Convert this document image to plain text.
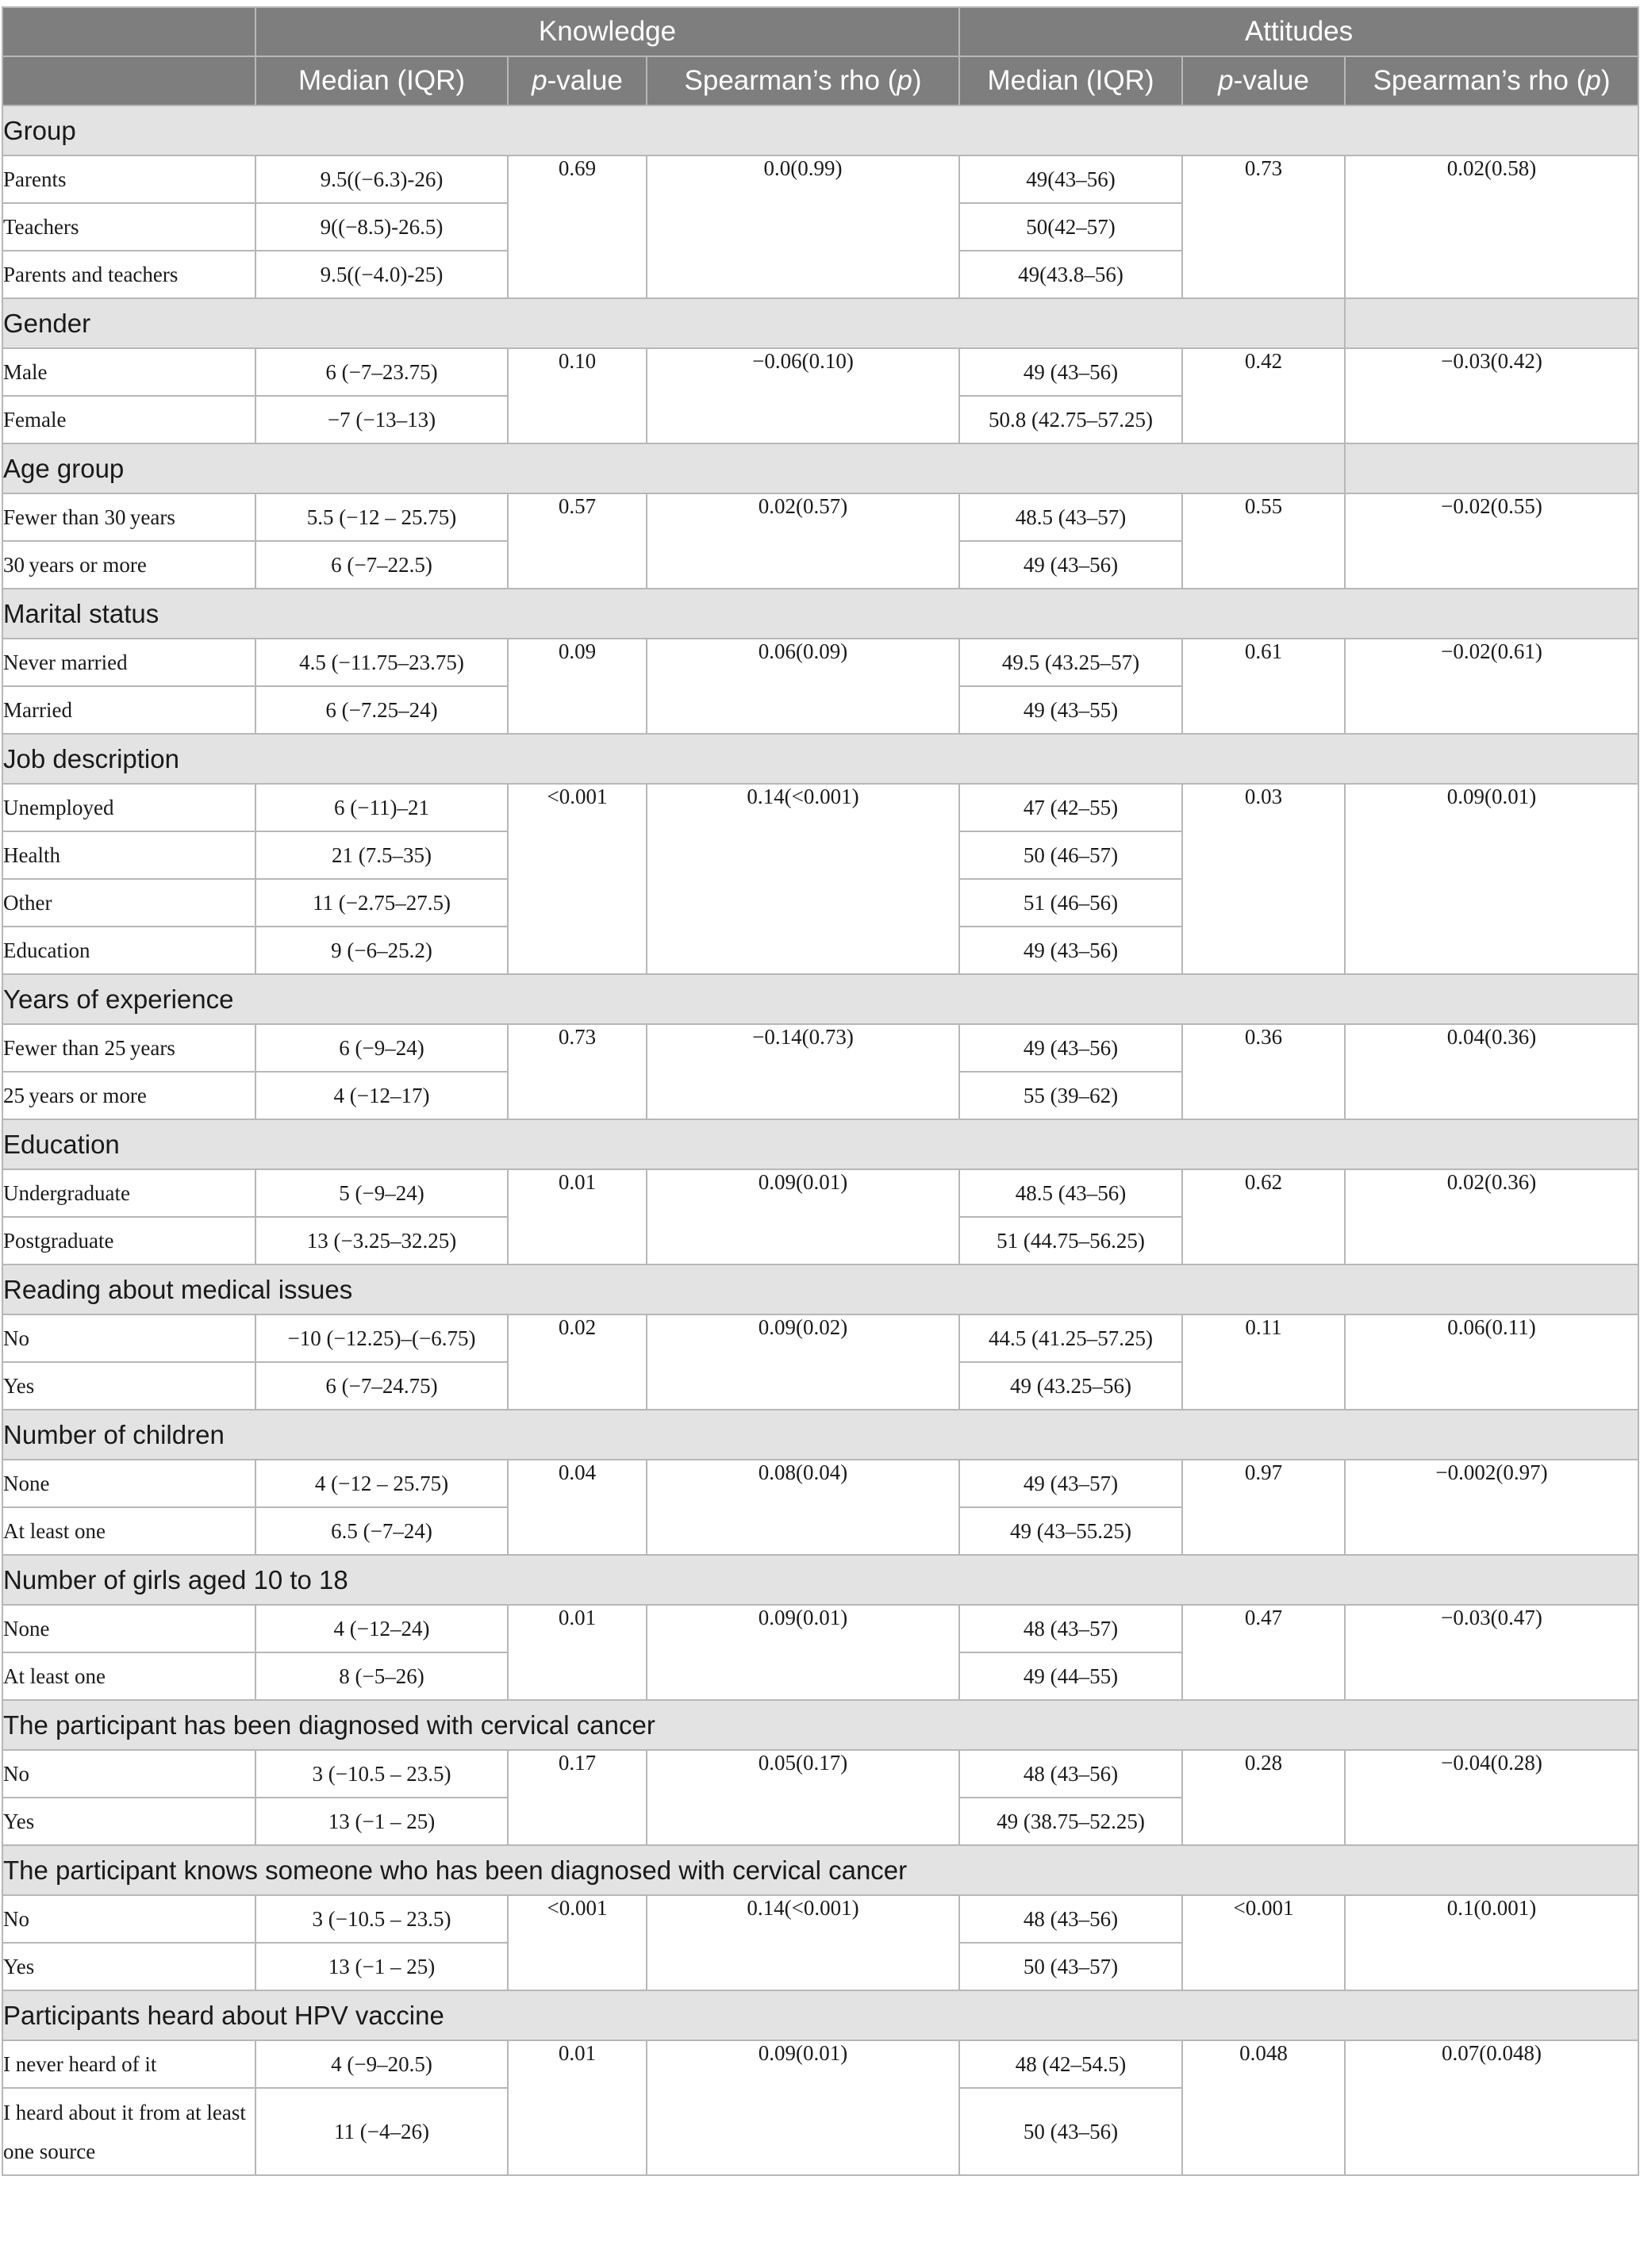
	Knowledge			Attitudes		
	Median (IQR)	p-value	Spearman’s rho (p)	Median (IQR)	p-value	Spearman’s rho (p)
Group						
Parents	9.5((−6.3)-26)	0.69	0.0(0.99)	49(43–56)	0.73	0.02(0.58)
Teachers	9((−8.5)-26.5)			50(42–57)		
Parents and teachers	9.5((−4.0)-25)			49(43.8–56)		
Gender						
Male	6 (−7–23.75)	0.10	−0.06(0.10)	49 (43–56)	0.42	−0.03(0.42)
Female	−7 (−13–13)			50.8 (42.75–57.25)		
Age group						
Fewer than 30 years	5.5 (−12 – 25.75)	0.57	0.02(0.57)	48.5 (43–57)	0.55	−0.02(0.55)
30 years or more	6 (−7–22.5)			49 (43–56)		
Marital status						
Never married	4.5 (−11.75–23.75)	0.09	0.06(0.09)	49.5 (43.25–57)	0.61	−0.02(0.61)
Married	6 (−7.25–24)			49 (43–55)		
Job description						
Unemployed	6 (−11)–21	<0.001	0.14(<0.001)	47 (42–55)	0.03	0.09(0.01)
Health	21 (7.5–35)			50 (46–57)		
Other	11 (−2.75–27.5)			51 (46–56)		
Education	9 (−6–25.2)			49 (43–56)		
Years of experience						
Fewer than 25 years	6 (−9–24)	0.73	−0.14(0.73)	49 (43–56)	0.36	0.04(0.36)
25 years or more	4 (−12–17)			55 (39–62)		
Education						
Undergraduate	5 (−9–24)	0.01	0.09(0.01)	48.5 (43–56)	0.62	0.02(0.36)
Postgraduate	13 (−3.25–32.25)			51 (44.75–56.25)		
Reading about medical issues						
No	−10 (−12.25)–(−6.75)	0.02	0.09(0.02)	44.5 (41.25–57.25)	0.11	0.06(0.11)
Yes	6 (−7–24.75)			49 (43.25–56)		
Number of children						
None	4 (−12 – 25.75)	0.04	0.08(0.04)	49 (43–57)	0.97	−0.002(0.97)
At least one	6.5 (−7–24)			49 (43–55.25)		
Number of girls aged 10 to 18						
None	4 (−12–24)	0.01	0.09(0.01)	48 (43–57)	0.47	−0.03(0.47)
At least one	8 (−5–26)			49 (44–55)		
The participant has been diagnosed with cervical cancer						
No	3 (−10.5 – 23.5)	0.17	0.05(0.17)	48 (43–56)	0.28	−0.04(0.28)
Yes	13 (−1 – 25)			49 (38.75–52.25)		
The participant knows someone who has been diagnosed with cervical cancer						
No	3 (−10.5 – 23.5)	<0.001	0.14(<0.001)	48 (43–56)	<0.001	0.1(0.001)
Yes	13 (−1 – 25)			50 (43–57)		
Participants heard about HPV vaccine						
I never heard of it	4 (−9–20.5)	0.01	0.09(0.01)	48 (42–54.5)	0.048	0.07(0.048)
I heard about it from at least one source	11 (−4–26)			50 (43–56)		
